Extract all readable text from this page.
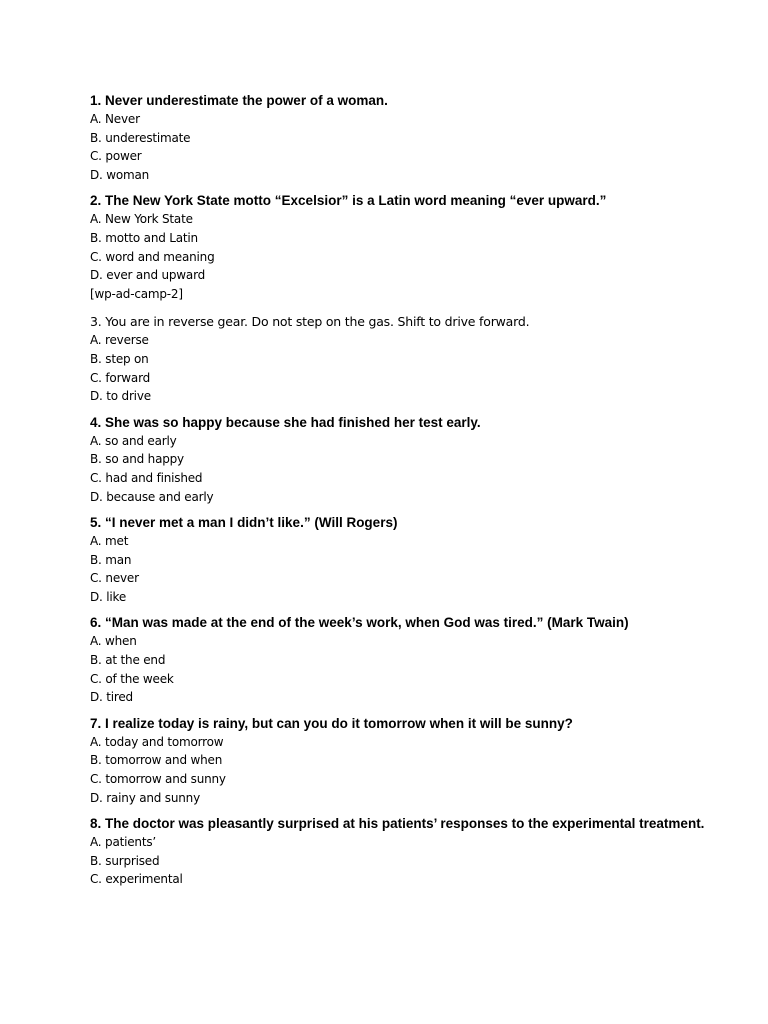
1. Never underestimate the power of a woman.
A. Never
B. underestimate
C. power
D. woman
2. The New York State motto “Excelsior” is a Latin word meaning “ever upward.”
A. New York State
B. motto and Latin
C. word and meaning
D. ever and upward
[wp-ad-camp-2]
3. You are in reverse gear. Do not step on the gas. Shift to drive forward.
A. reverse
B. step on
C. forward
D. to drive
4. She was so happy because she had finished her test early.
A. so and early
B. so and happy
C. had and finished
D. because and early
5. “I never met a man I didn’t like.” (Will Rogers)
A. met
B. man
C. never
D. like
6. “Man was made at the end of the week’s work, when God was tired.” (Mark Twain)
A. when
B. at the end
C. of the week
D. tired
7. I realize today is rainy, but can you do it tomorrow when it will be sunny?
A. today and tomorrow
B. tomorrow and when
C. tomorrow and sunny
D. rainy and sunny
8. The doctor was pleasantly surprised at his patients’ responses to the experimental treatment.
A. patients’
B. surprised
C. experimental
